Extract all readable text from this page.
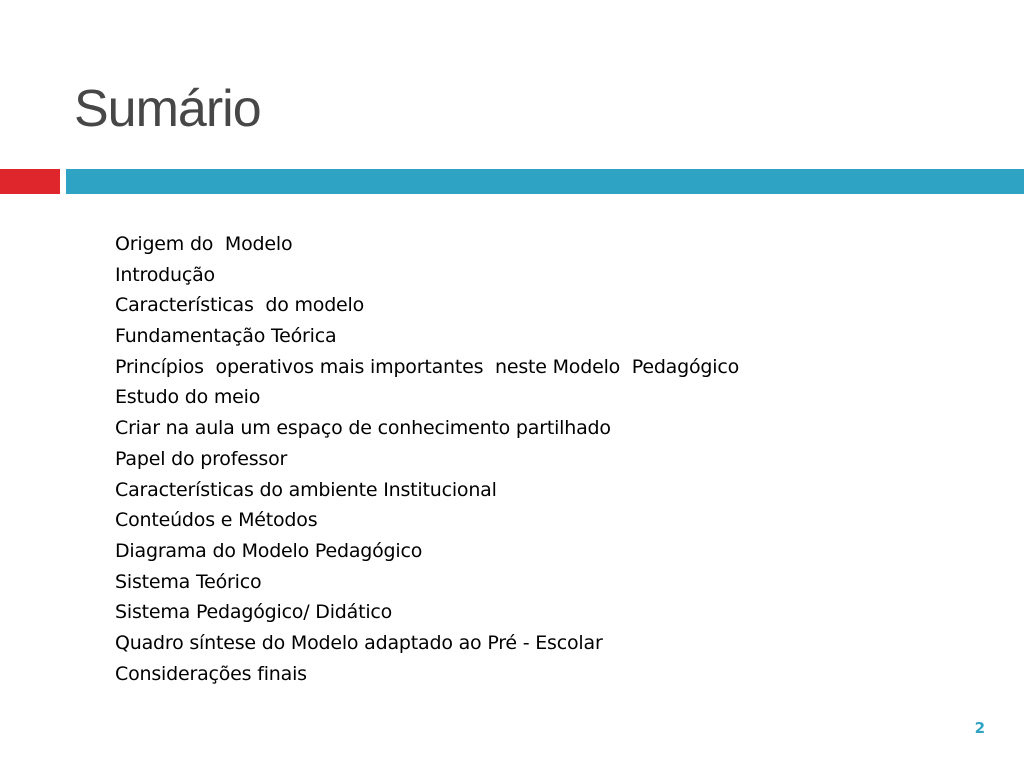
Sumário
Origem do  Modelo
Introdução
Características  do modelo
Fundamentação Teórica
Princípios  operativos mais importantes  neste Modelo  Pedagógico
Estudo do meio
Criar na aula um espaço de conhecimento partilhado
Papel do professor
Características do ambiente Institucional
Conteúdos e Métodos
Diagrama do Modelo Pedagógico
Sistema Teórico
Sistema Pedagógico/ Didático
Quadro síntese do Modelo adaptado ao Pré - Escolar
Considerações finais
2
